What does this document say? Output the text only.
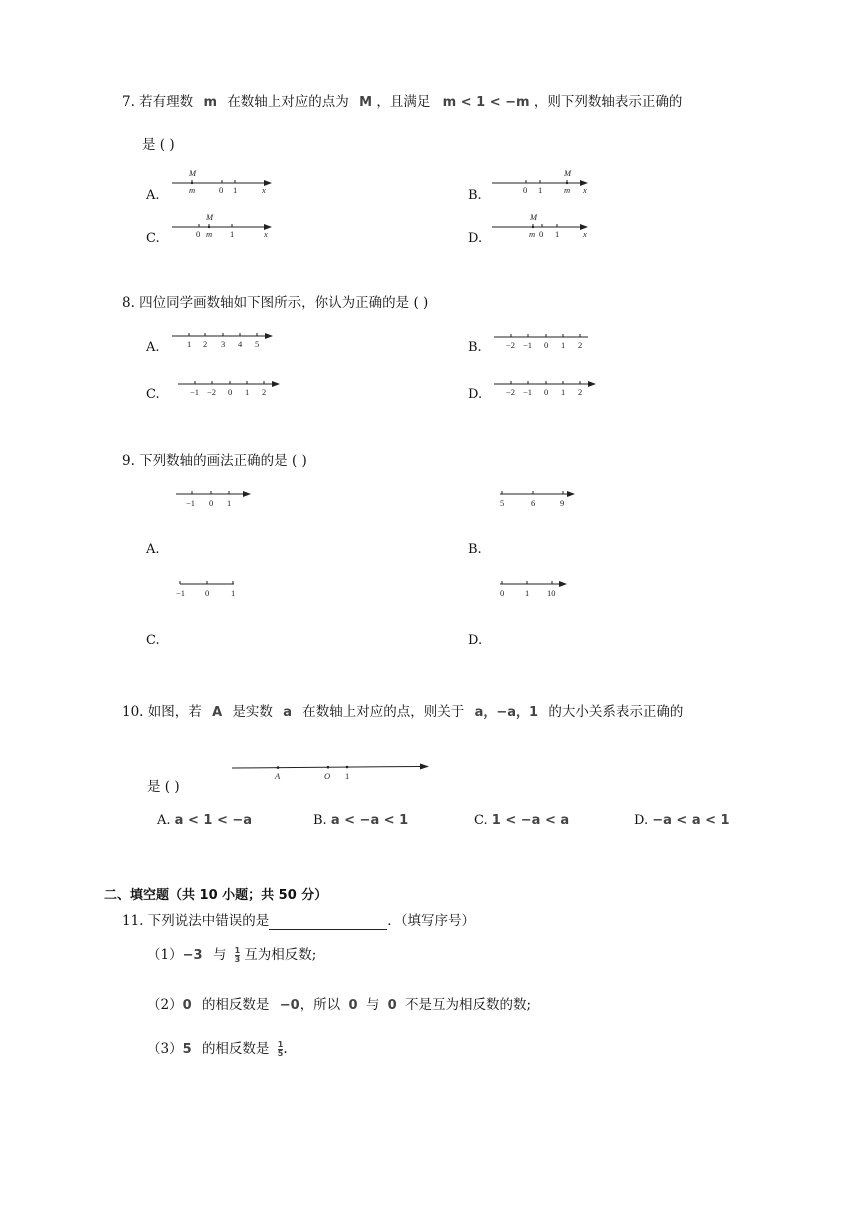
7. 若有理数 m 在数轴上对应的点为 M ，且满足 m < 1 < −m ，则下列数轴表示正确的
是 ( )
A.
M
m	0 1	x	B.
M
0 1	m x
C.
M
0 m 1	x	D.
M
m 0 1	x
8. 四位同学画数轴如下图所示，你认为正确的是 ( )
A.	1 2 3 4 5	B.	−2 −1 0 1 2
C.	−1 −2 0 1 2	D.	−2 −1 0 1 2
9. 下列数轴的画法正确的是 ( )
−1 0 1
A.
5	6	9
B.
−1 0	1
C.
0 1 10
D.
10. 如图，若 A 是实数 a 在数轴上对应的点，则关于 a，−a，1 的大小关系表示正确的
是 ( )
A	O 1
A. a < 1 < −a	B. a < −a < 1	C. 1 < −a < a	D. −a < a < 1
二、填空题（共 10 小题；共 50 分）
11. 下列说法中错误的是	．（填写序号）
（1）−3 与 $\frac{1}{3}$ 互为相反数;
（2）0 的相反数是 −0，所以 0 与 0 不是互为相反数的数;
（3）5 的相反数是 $\frac{1}{5}$ .
